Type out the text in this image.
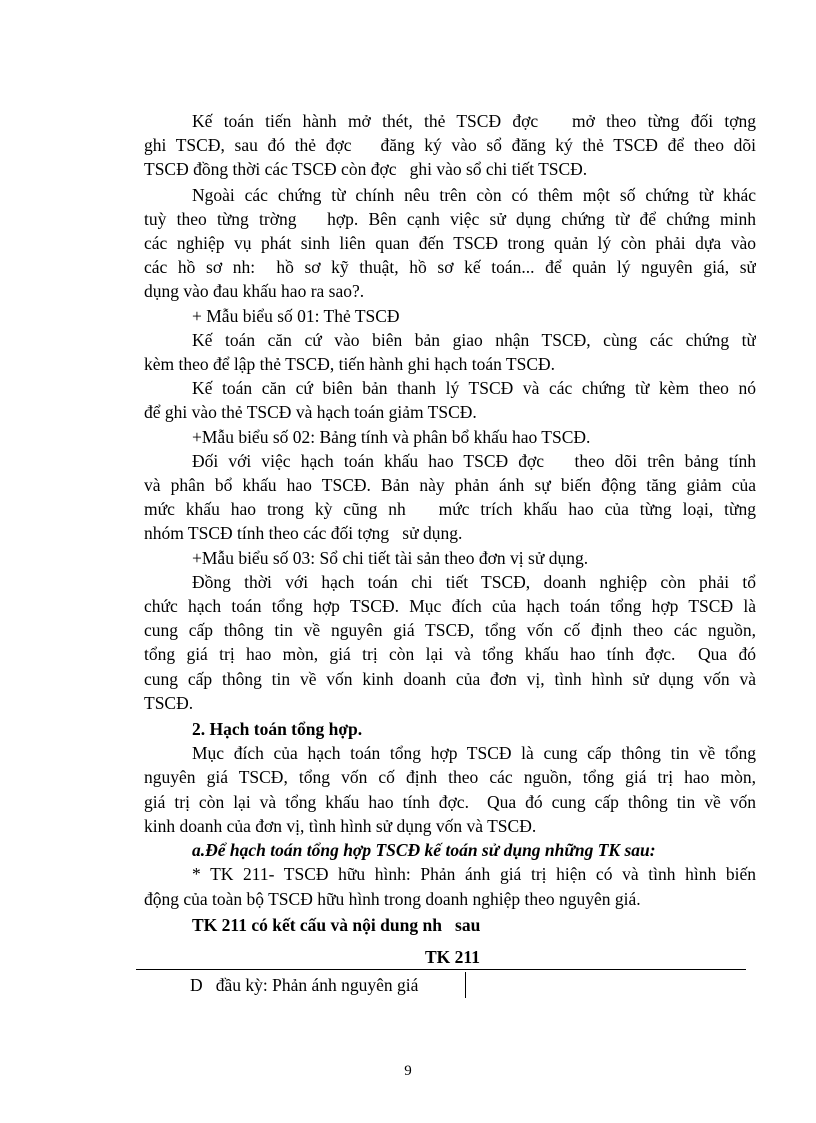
Kế toán tiến hành mở thét, thẻ TSCĐ đợc   mở theo từng đối tợng
ghi TSCĐ, sau đó thẻ đợc   đăng ký vào sổ đăng ký thẻ TSCĐ để theo dõi
TSCĐ đồng thời các TSCĐ còn đợc   ghi vào sổ chi tiết TSCĐ.

Ngoài các chứng từ chính nêu trên còn có thêm một số chứng từ khác
tuỳ theo từng trờng   hợp. Bên cạnh việc sử dụng chứng từ để chứng minh
các nghiệp vụ phát sinh liên quan đến TSCĐ trong quản lý còn phải dựa vào
các hồ sơ nh:  hồ sơ kỹ thuật, hồ sơ kế toán... để quản lý nguyên giá, sử
dụng vào đau khấu hao ra sao?.

+ Mẫu biểu số 01: Thẻ TSCĐ

Kế toán căn cứ vào biên bản giao nhận TSCĐ, cùng các chứng từ
kèm theo để lập thẻ TSCĐ, tiến hành ghi hạch toán TSCĐ.

Kế toán căn cứ biên bản thanh lý TSCĐ và các chứng từ kèm theo nó
để ghi vào thẻ TSCĐ và hạch toán giảm TSCĐ.

+Mẫu biểu số 02: Bảng tính và phân bổ khấu hao TSCĐ.

Đối với việc hạch toán khấu hao TSCĐ đợc   theo dõi trên bảng tính
và phân bổ khấu hao TSCĐ. Bản này phản ánh sự biến động tăng giảm của
mức khấu hao trong kỳ cũng nh   mức trích khấu hao của từng loại, từng
nhóm TSCĐ tính theo các đối tợng   sử dụng.

+Mẫu biểu số 03: Sổ chi tiết tài sản theo đơn vị sử dụng.

Đồng thời với hạch toán chi tiết TSCĐ, doanh nghiệp còn phải tổ
chức hạch toán tổng hợp TSCĐ. Mục đích của hạch toán tổng hợp TSCĐ là
cung cấp thông tin về nguyên giá TSCĐ, tổng vốn cố định theo các nguồn,
tổng giá trị hao mòn, giá trị còn lại và tổng khấu hao tính đợc.  Qua đó
cung cấp thông tin về vốn kinh doanh của đơn vị, tình hình sử dụng vốn và
TSCĐ.

2. Hạch toán tổng hợp.

Mục đích của hạch toán tổng hợp TSCĐ là cung cấp thông tin về tổng
nguyên giá TSCĐ, tổng vốn cố định theo các nguồn, tổng giá trị hao mòn,
giá trị còn lại và tổng khấu hao tính đợc.  Qua đó cung cấp thông tin về vốn
kinh doanh của đơn vị, tình hình sử dụng vốn và TSCĐ.

a.Để hạch toán tổng hợp TSCĐ kế toán sử dụng những TK sau:

* TK 211- TSCĐ hữu hình: Phản ánh giá trị hiện có và tình hình biến
động của toàn bộ TSCĐ hữu hình trong doanh nghiệp theo nguyên giá.

TK 211 có kết cấu và nội dung nh   sau

TK 211
D   đầu kỳ: Phản ánh nguyên giá
9
